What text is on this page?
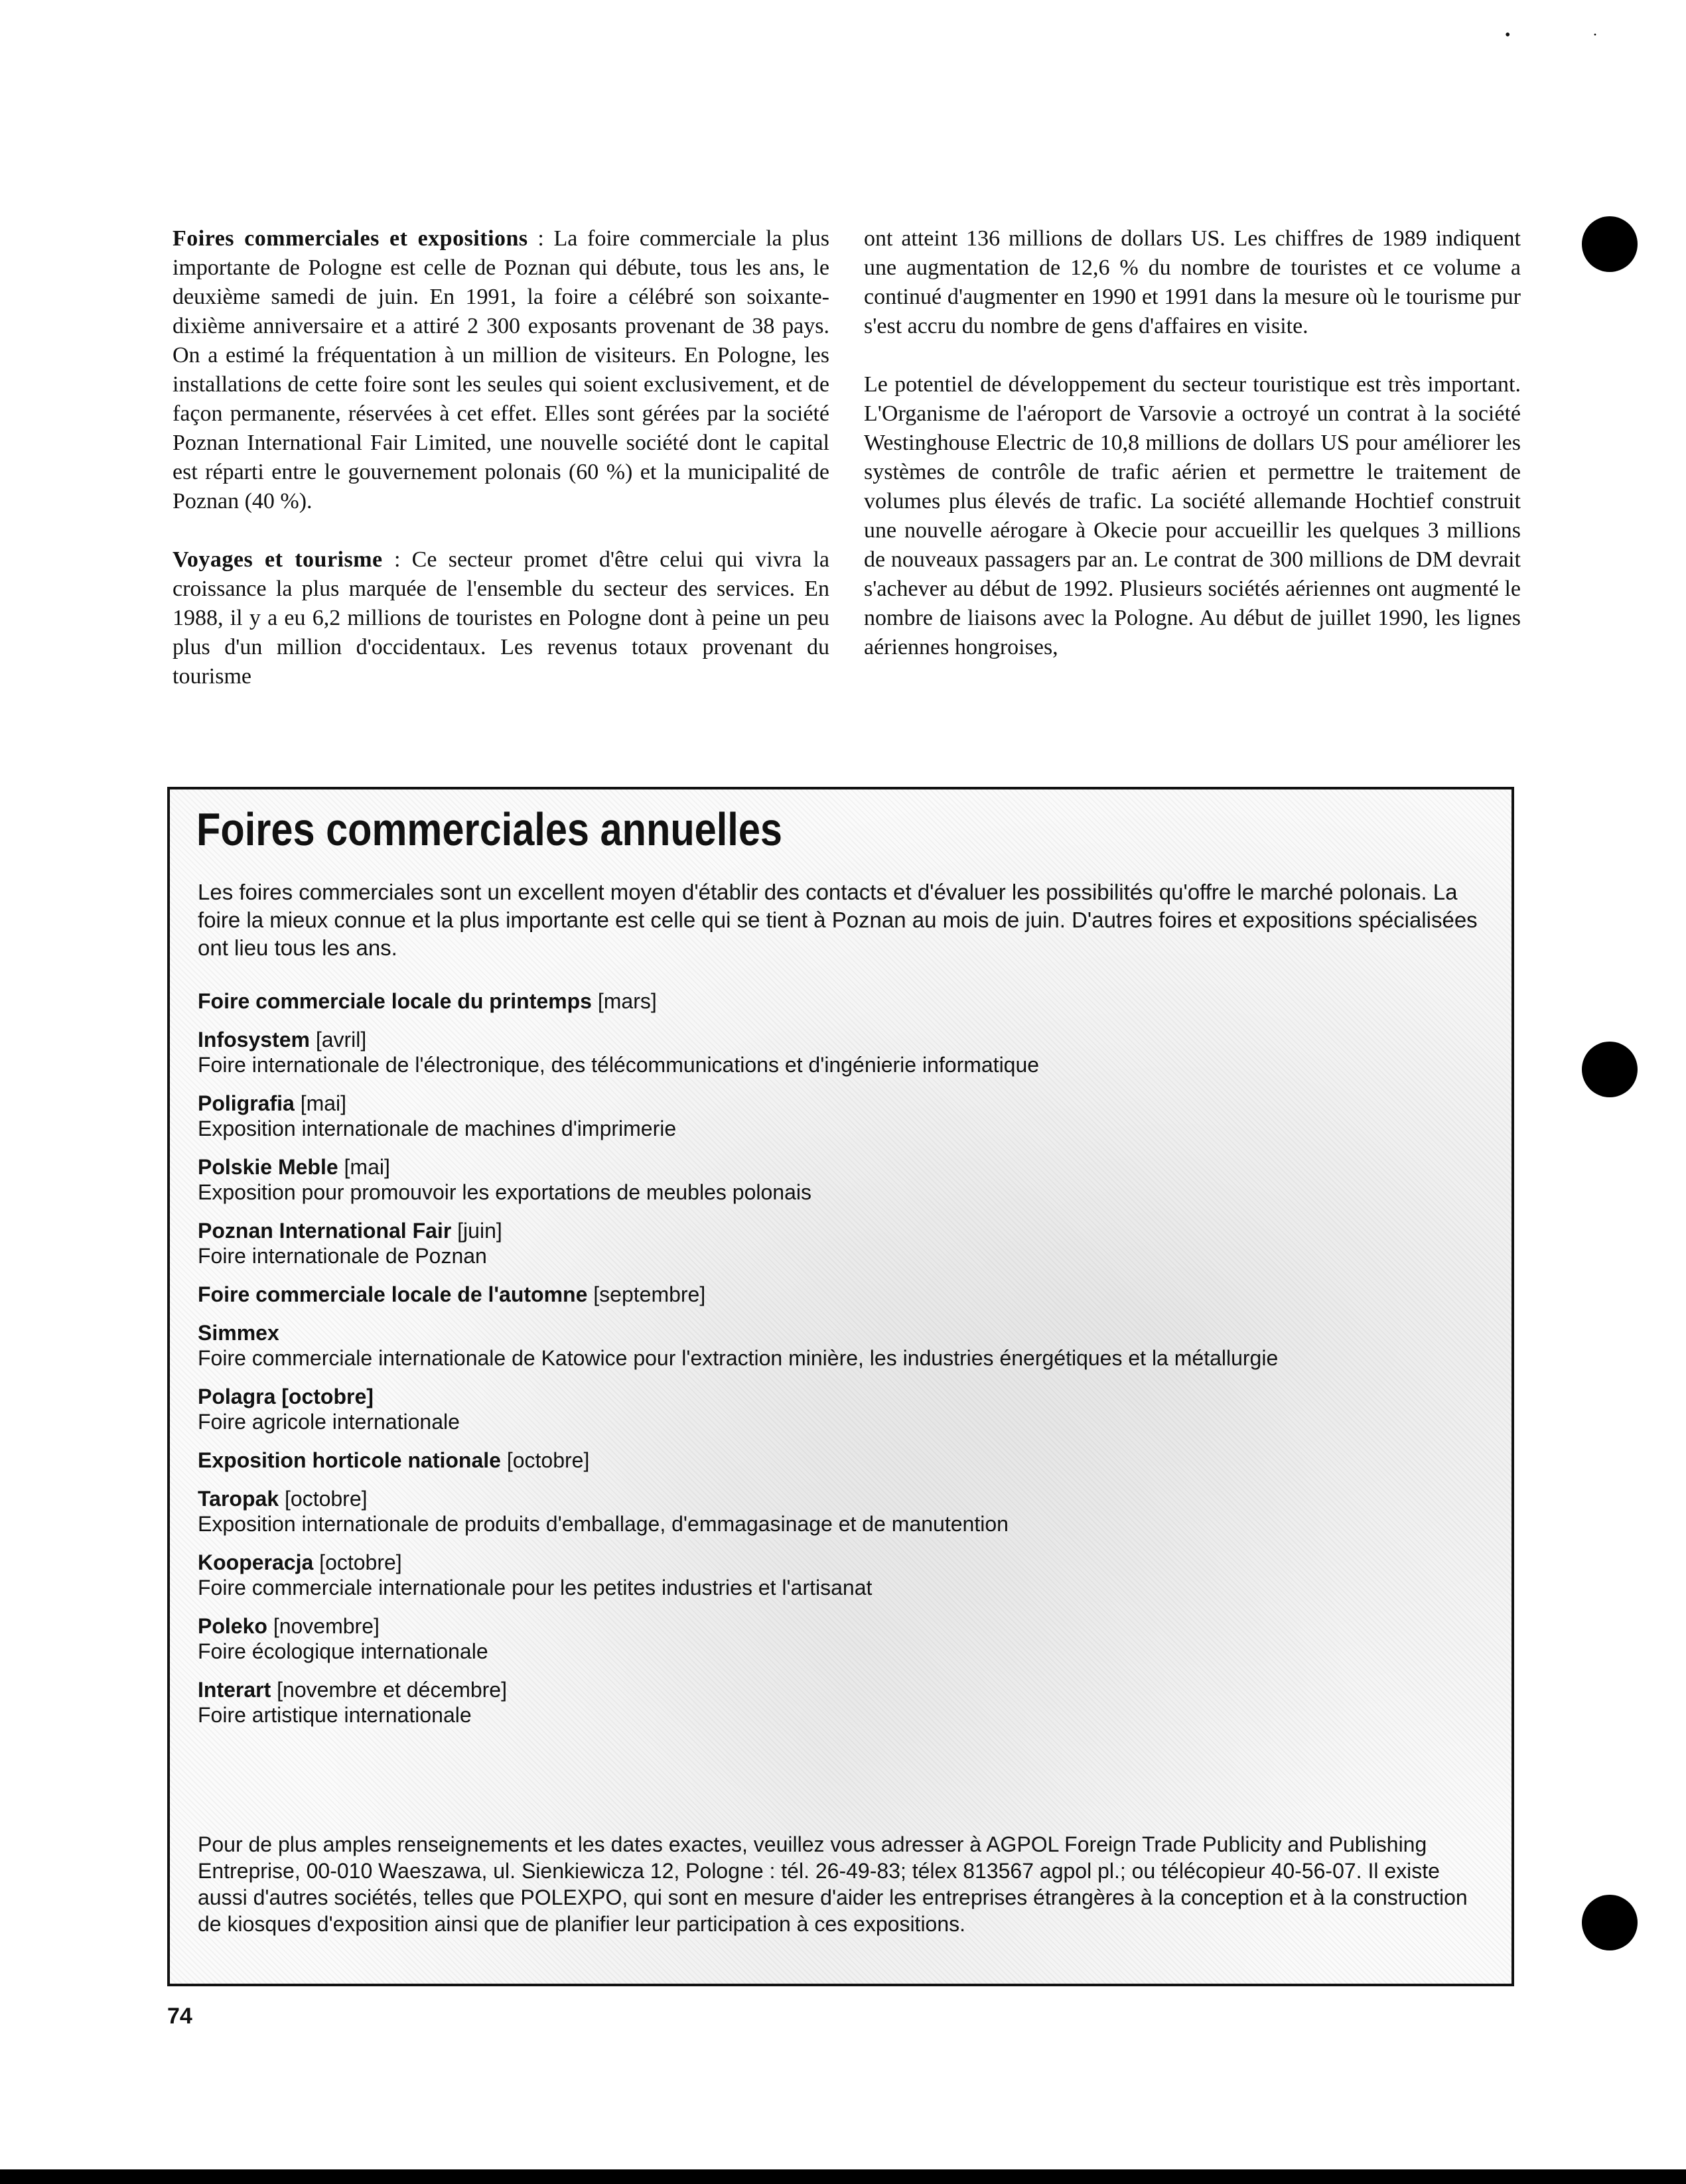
•	·

Foires commerciales et expositions : La foire commerciale la plus importante de Pologne est celle de Poznan qui débute, tous les ans, le deuxième samedi de juin. En 1991, la foire a célébré son soixante-dixième anniversaire et a attiré 2 300 exposants provenant de 38 pays. On a estimé la fréquentation à un million de visiteurs. En Pologne, les installations de cette foire sont les seules qui soient exclusivement, et de façon permanente, réservées à cet effet. Elles sont gérées par la société Poznan International Fair Limited, une nouvelle société dont le capital est réparti entre le gouvernement polonais (60 %) et la municipalité de Poznan (40 %).

Voyages et tourisme : Ce secteur promet d'être celui qui vivra la croissance la plus marquée de l'ensemble du secteur des services. En 1988, il y a eu 6,2 millions de touristes en Pologne dont à peine un peu plus d'un million d'occidentaux. Les revenus totaux provenant du tourisme

ont atteint 136 millions de dollars US. Les chiffres de 1989 indiquent une augmentation de 12,6 % du nombre de touristes et ce volume a continué d'augmenter en 1990 et 1991 dans la mesure où le tourisme pur s'est accru du nombre de gens d'affaires en visite.

Le potentiel de développement du secteur touristique est très important. L'Organisme de l'aéroport de Varsovie a octroyé un contrat à la société Westinghouse Electric de 10,8 millions de dollars US pour améliorer les systèmes de contrôle de trafic aérien et permettre le traitement de volumes plus élevés de trafic. La société allemande Hochtief construit une nouvelle aérogare à Okecie pour accueillir les quelques 3 millions de nouveaux passagers par an. Le contrat de 300 millions de DM devrait s'achever au début de 1992. Plusieurs sociétés aériennes ont augmenté le nombre de liaisons avec la Pologne. Au début de juillet 1990, les lignes aériennes hongroises,

Foires commerciales annuelles
Les foires commerciales sont un excellent moyen d'établir des contacts et d'évaluer les possibilités qu'offre le marché polonais. La foire la mieux connue et la plus importante est celle qui se tient à Poznan au mois de juin. D'autres foires et expositions spécialisées ont lieu tous les ans.
Foire commerciale locale du printemps [mars]
Infosystem [avril]
Foire internationale de l'électronique, des télécommunications et d'ingénierie informatique
Poligrafia [mai]
Exposition internationale de machines d'imprimerie
Polskie Meble [mai]
Exposition pour promouvoir les exportations de meubles polonais
Poznan International Fair [juin]
Foire internationale de Poznan
Foire commerciale locale de l'automne [septembre]
Simmex
Foire commerciale internationale de Katowice pour l'extraction minière, les industries énergétiques et la métallurgie
Polagra [octobre]
Foire agricole internationale
Exposition horticole nationale [octobre]
Taropak [octobre]
Exposition internationale de produits d'emballage, d'emmagasinage et de manutention
Kooperacja [octobre]
Foire commerciale internationale pour les petites industries et l'artisanat
Poleko [novembre]
Foire écologique internationale
Interart [novembre et décembre]
Foire artistique internationale
Pour de plus amples renseignements et les dates exactes, veuillez vous adresser à AGPOL Foreign Trade Publicity and Publishing Entreprise, 00-010 Waeszawa, ul. Sienkiewicza 12, Pologne : tél. 26-49-83; télex 813567 agpol pl.; ou télécopieur 40-56-07. Il existe aussi d'autres sociétés, telles que POLEXPO, qui sont en mesure d'aider les entreprises étrangères à la conception et à la construction de kiosques d'exposition ainsi que de planifier leur participation à ces expositions.
74
